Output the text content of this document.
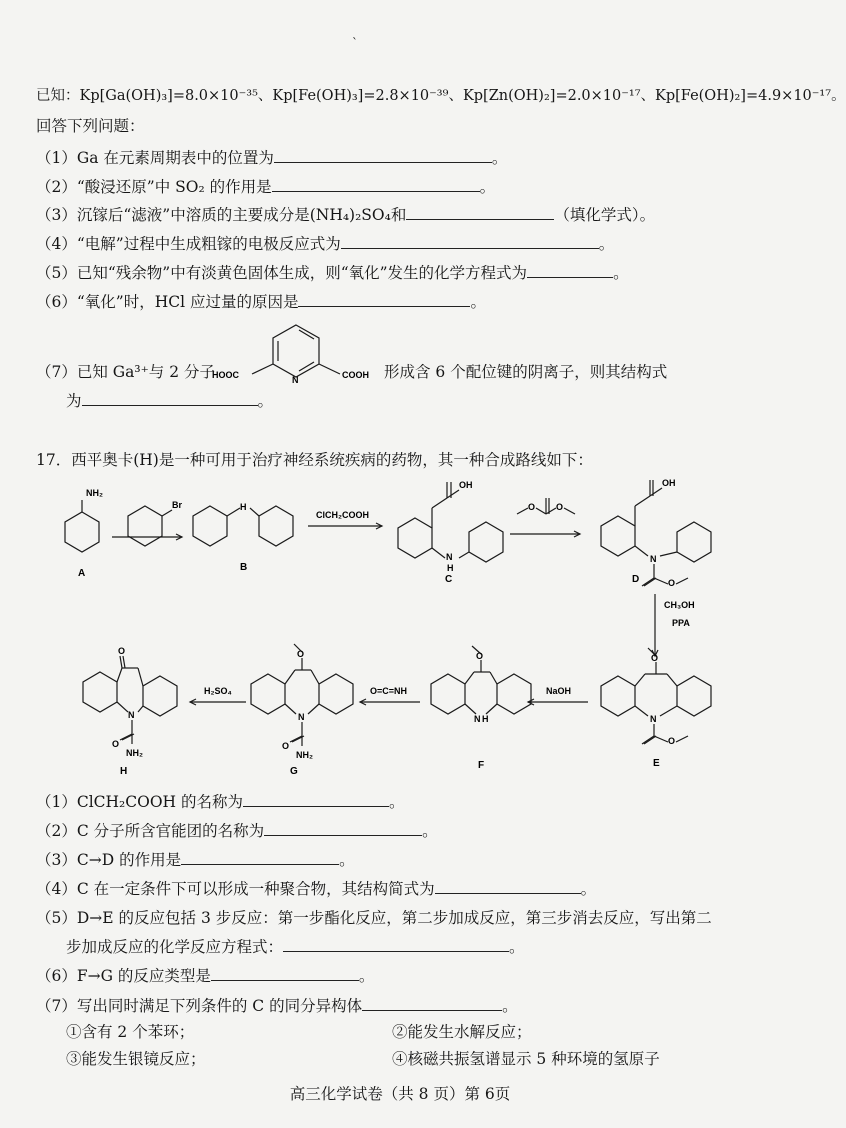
`
已知：Kp[Ga(OH)₃]=8.0×10⁻³⁵、Kp[Fe(OH)₃]=2.8×10⁻³⁹、Kp[Zn(OH)₂]=2.0×10⁻¹⁷、Kp[Fe(OH)₂]=4.9×10⁻¹⁷。
回答下列问题：
（1）Ga 在元素周期表中的位置为	。
（2）“酸浸还原”中 SO₂ 的作用是	。
（3）沉镓后“滤液”中溶质的主要成分是(NH₄)₂SO₄和	（填化学式）。
（4）“电解”过程中生成粗镓的电极反应式为	。
（5）已知“残余物”中有淡黄色固体生成，则“氧化”发生的化学方程式为	。
（6）“氧化”时，HCl 应过量的原因是	。
（7）已知 Ga³⁺与 2 分子
HOOC	N	COOH 形成含 6 个配位键的阴离子，则其结构式
为	。
17．西平奥卡(H)是一种可用于治疗神经系统疾病的药物，其一种合成路线如下：
NH₂
Br	H
ClCH₂COOH
OH
N
H
O O
OH
N
O
CH₃OH
PPA
O
N
O
NaOH
O
N H
O=C=NH
O
N
O
NH₂
H₂SO₄
O
N
O
NH₂
A
B
C	D
E
F
G
H
（1）ClCH₂COOH 的名称为	。
（2）C 分子所含官能团的名称为	。
（3）C→D 的作用是	。
（4）C 在一定条件下可以形成一种聚合物，其结构简式为	。
（5）D→E 的反应包括 3 步反应：第一步酯化反应，第二步加成反应，第三步消去反应，写出第二
步加成反应的化学反应方程式：	。
（6）F→G 的反应类型是	。
（7）写出同时满足下列条件的 C 的同分异构体	。
①含有 2 个苯环；	②能发生水解反应；
③能发生银镜反应；	④核磁共振氢谱显示 5 种环境的氢原子
高三化学试卷（共 8 页）第 6页
